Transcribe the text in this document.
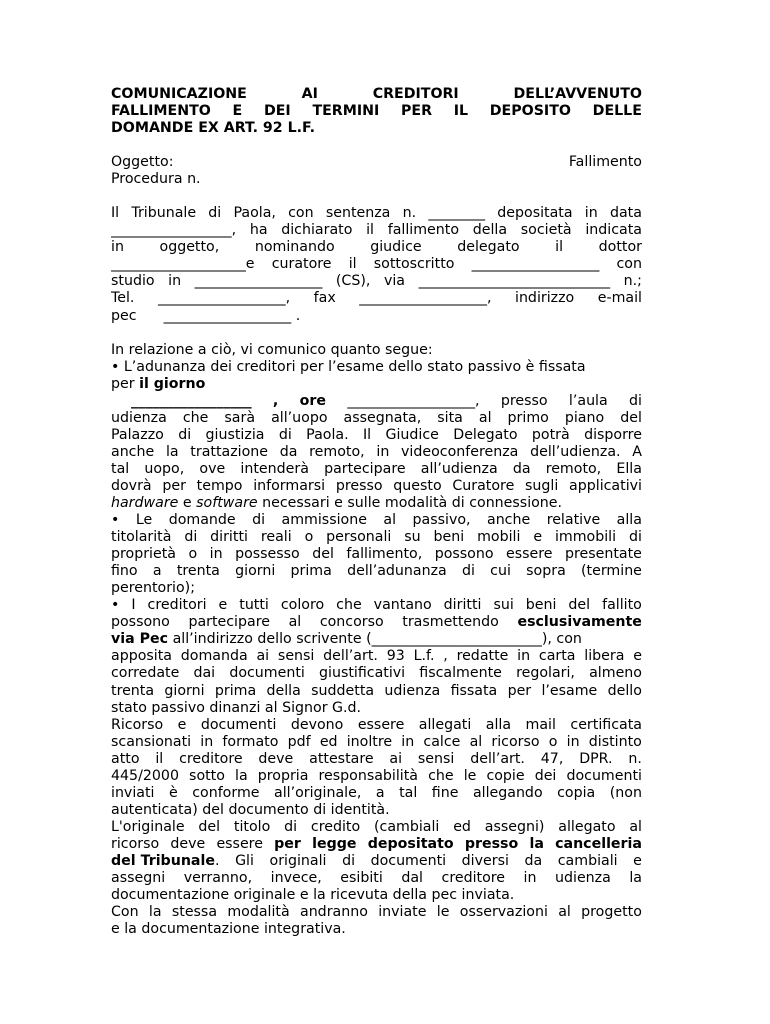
COMUNICAZIONE	AI	CREDITORI	DELL’AVVENUTO
FALLIMENTO E DEI TERMINI PER IL DEPOSITO DELLE
DOMANDE EX ART. 92 L.F.
Oggetto:	Fallimento
Procedura n.
Il Tribunale di Paola, con sentenza n. ________ depositata in data
_________________, ha dichiarato il fallimento della società indicata
in	oggetto,	nominando	giudice	delegato	il	dottor
___________________e curatore il sottoscritto __________________ con
studio in __________________ (CS), via ___________________________ n.;
Tel. __________________, fax __________________, indirizzo e-mail
pec      __________________ .
In relazione a ciò, vi comunico quanto segue:
• L’adunanza dei creditori per l’esame dello stato passivo è fissata
per il giorno
_________________ , ore __________________, presso l’aula di
udienza che sarà all’uopo assegnata, sita al primo piano del
Palazzo di giustizia di Paola. Il Giudice Delegato potrà disporre
anche la trattazione da remoto, in videoconferenza dell’udienza. A
tal uopo, ove intenderà partecipare all’udienza da remoto, Ella
dovrà per tempo informarsi presso questo Curatore sugli applicativi
hardware e software necessari e sulle modalità di connessione.
• Le domande di ammissione al passivo, anche relative alla
titolarità di diritti reali o personali su beni mobili e immobili di
proprietà o in possesso del fallimento, possono essere presentate
fino a trenta giorni prima dell’adunanza di cui sopra (termine
perentorio);
• I creditori e tutti coloro che vantano diritti sui beni del fallito
possono partecipare al concorso trasmettendo esclusivamente
via Pec all’indirizzo dello scrivente (________________________), con
apposita domanda ai sensi dell’art. 93 L.f. , redatte in carta libera e
corredate dai documenti giustificativi fiscalmente regolari, almeno
trenta giorni prima della suddetta udienza fissata per l’esame dello
stato passivo dinanzi al Signor G.d.
Ricorso e documenti devono essere allegati alla mail certificata
scansionati in formato pdf ed inoltre in calce al ricorso o in distinto
atto il creditore deve attestare ai sensi dell’art. 47, DPR. n.
445/2000 sotto la propria responsabilità che le copie dei documenti
inviati è conforme all’originale, a tal fine allegando copia (non
autenticata) del documento di identità.
L'originale del titolo di credito (cambiali ed assegni) allegato al
ricorso deve essere per legge depositato presso la cancelleria
del Tribunale. Gli originali di documenti diversi da cambiali e
assegni verranno, invece, esibiti dal creditore in udienza la
documentazione originale e la ricevuta della pec inviata.
Con la stessa modalità andranno inviate le osservazioni al progetto
e la documentazione integrativa.
